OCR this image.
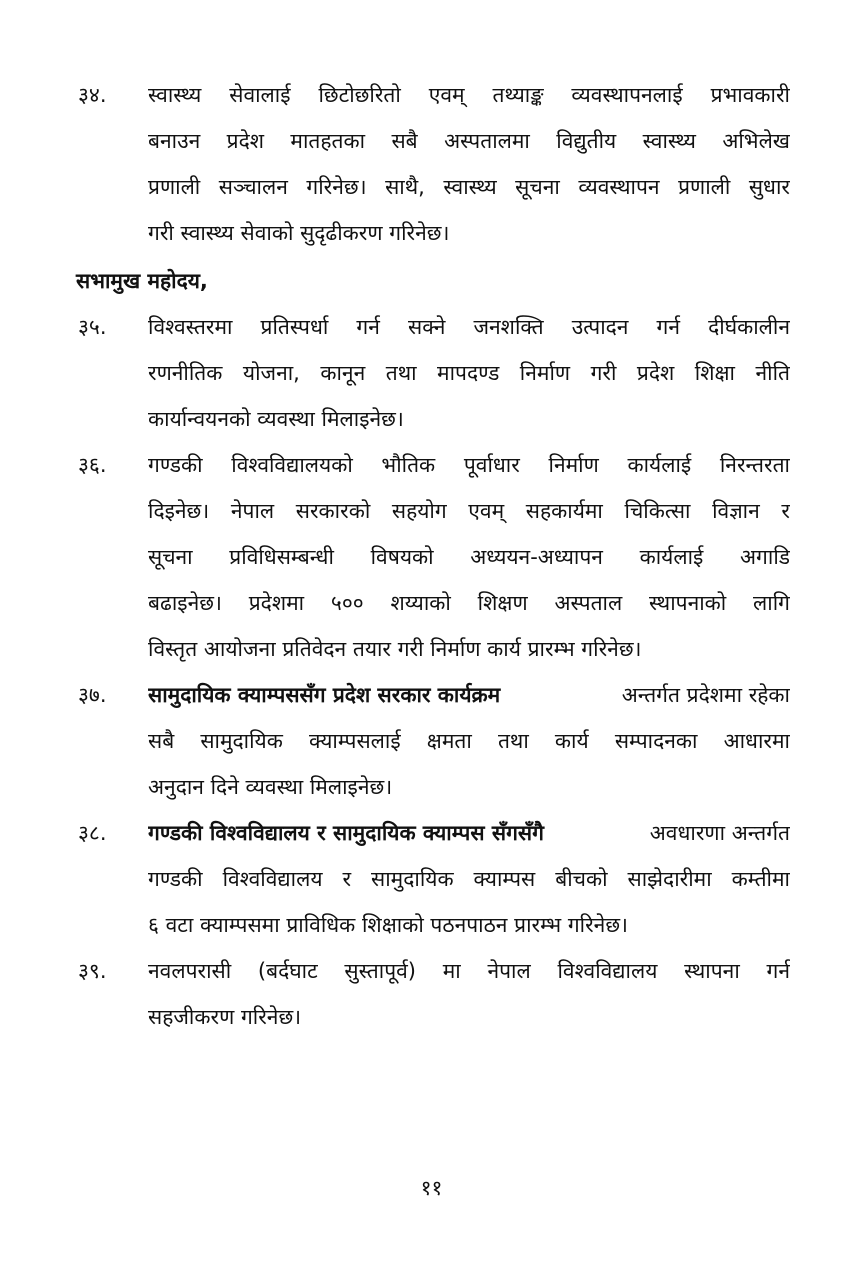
३४.	स्वास्थ्य सेवालाई छिटोछरितो एवम् तथ्याङ्क व्यवस्थापनलाई प्रभावकारी
बनाउन प्रदेश मातहतका सबै अस्पतालमा विद्युतीय स्वास्थ्य अभिलेख
प्रणाली सञ्चालन गरिनेछ। साथै, स्वास्थ्य सूचना व्यवस्थापन प्रणाली सुधार
गरी स्वास्थ्य सेवाको सुदृढीकरण गरिनेछ।
सभामुख महोदय,
३५.	विश्वस्तरमा प्रतिस्पर्धा गर्न सक्ने जनशक्ति उत्पादन गर्न दीर्घकालीन
रणनीतिक योजना, कानून तथा मापदण्ड निर्माण गरी प्रदेश शिक्षा नीति
कार्यान्वयनको व्यवस्था मिलाइनेछ।
३६.	गण्डकी विश्वविद्यालयको भौतिक पूर्वाधार निर्माण कार्यलाई निरन्तरता
दिइनेछ। नेपाल सरकारको सहयोग एवम् सहकार्यमा चिकित्सा विज्ञान र
सूचना प्रविधिसम्बन्धी विषयको अध्ययन-अध्यापन कार्यलाई अगाडि
बढाइनेछ। प्रदेशमा ५०० शय्याको शिक्षण अस्पताल स्थापनाको लागि
विस्तृत आयोजना प्रतिवेदन तयार गरी निर्माण कार्य प्रारम्भ गरिनेछ।
३७.	सामुदायिक क्याम्पससँग प्रदेश सरकार कार्यक्रम	अन्तर्गत प्रदेशमा रहेका
सबै सामुदायिक क्याम्पसलाई क्षमता तथा कार्य सम्पादनका आधारमा
अनुदान दिने व्यवस्था मिलाइनेछ।
३८.	गण्डकी विश्वविद्यालय र सामुदायिक क्याम्पस सँगसँगै	अवधारणा अन्तर्गत
गण्डकी विश्वविद्यालय र सामुदायिक क्याम्पस बीचको साझेदारीमा कम्तीमा
६ वटा क्याम्पसमा प्राविधिक शिक्षाको पठनपाठन प्रारम्भ गरिनेछ।
३९.	नवलपरासी (बर्दघाट सुस्तापूर्व) मा नेपाल विश्वविद्यालय स्थापना गर्न
सहजीकरण गरिनेछ।
११
